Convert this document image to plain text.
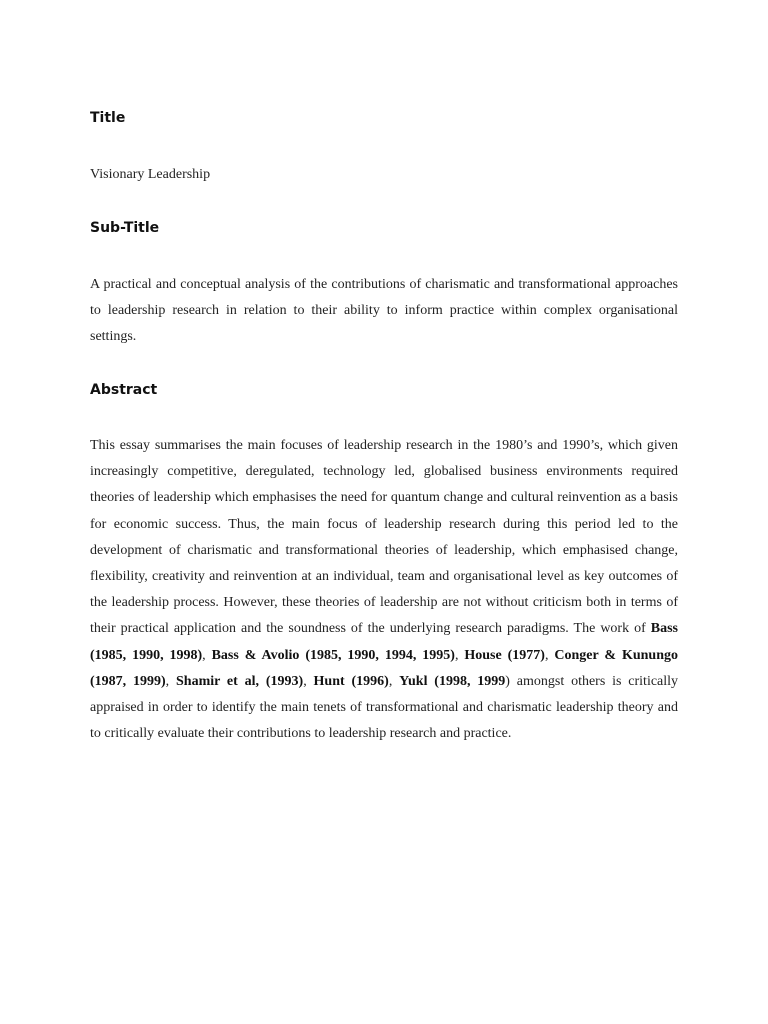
Title

Visionary Leadership

Sub-Title

A practical and conceptual analysis of the contributions of charismatic and transformational approaches to leadership research in relation to their ability to inform practice within complex organisational settings.

Abstract

This essay summarises the main focuses of leadership research in the 1980’s and 1990’s, which given increasingly competitive, deregulated, technology led, globalised business environments required theories of leadership which emphasises the need for quantum change and cultural reinvention as a basis for economic success. Thus, the main focus of leadership research during this period led to the development of charismatic and transformational theories of leadership, which emphasised change, flexibility, creativity and reinvention at an individual, team and organisational level as key outcomes of the leadership process. However, these theories of leadership are not without criticism both in terms of their practical application and the soundness of the underlying research paradigms. The work of Bass (1985, 1990, 1998), Bass & Avolio (1985, 1990, 1994, 1995), House (1977), Conger & Kunungo (1987, 1999), Shamir et al, (1993), Hunt (1996), Yukl (1998, 1999) amongst others is critically appraised in order to identify the main tenets of transformational and charismatic leadership theory and to critically evaluate their contributions to leadership research and practice.
